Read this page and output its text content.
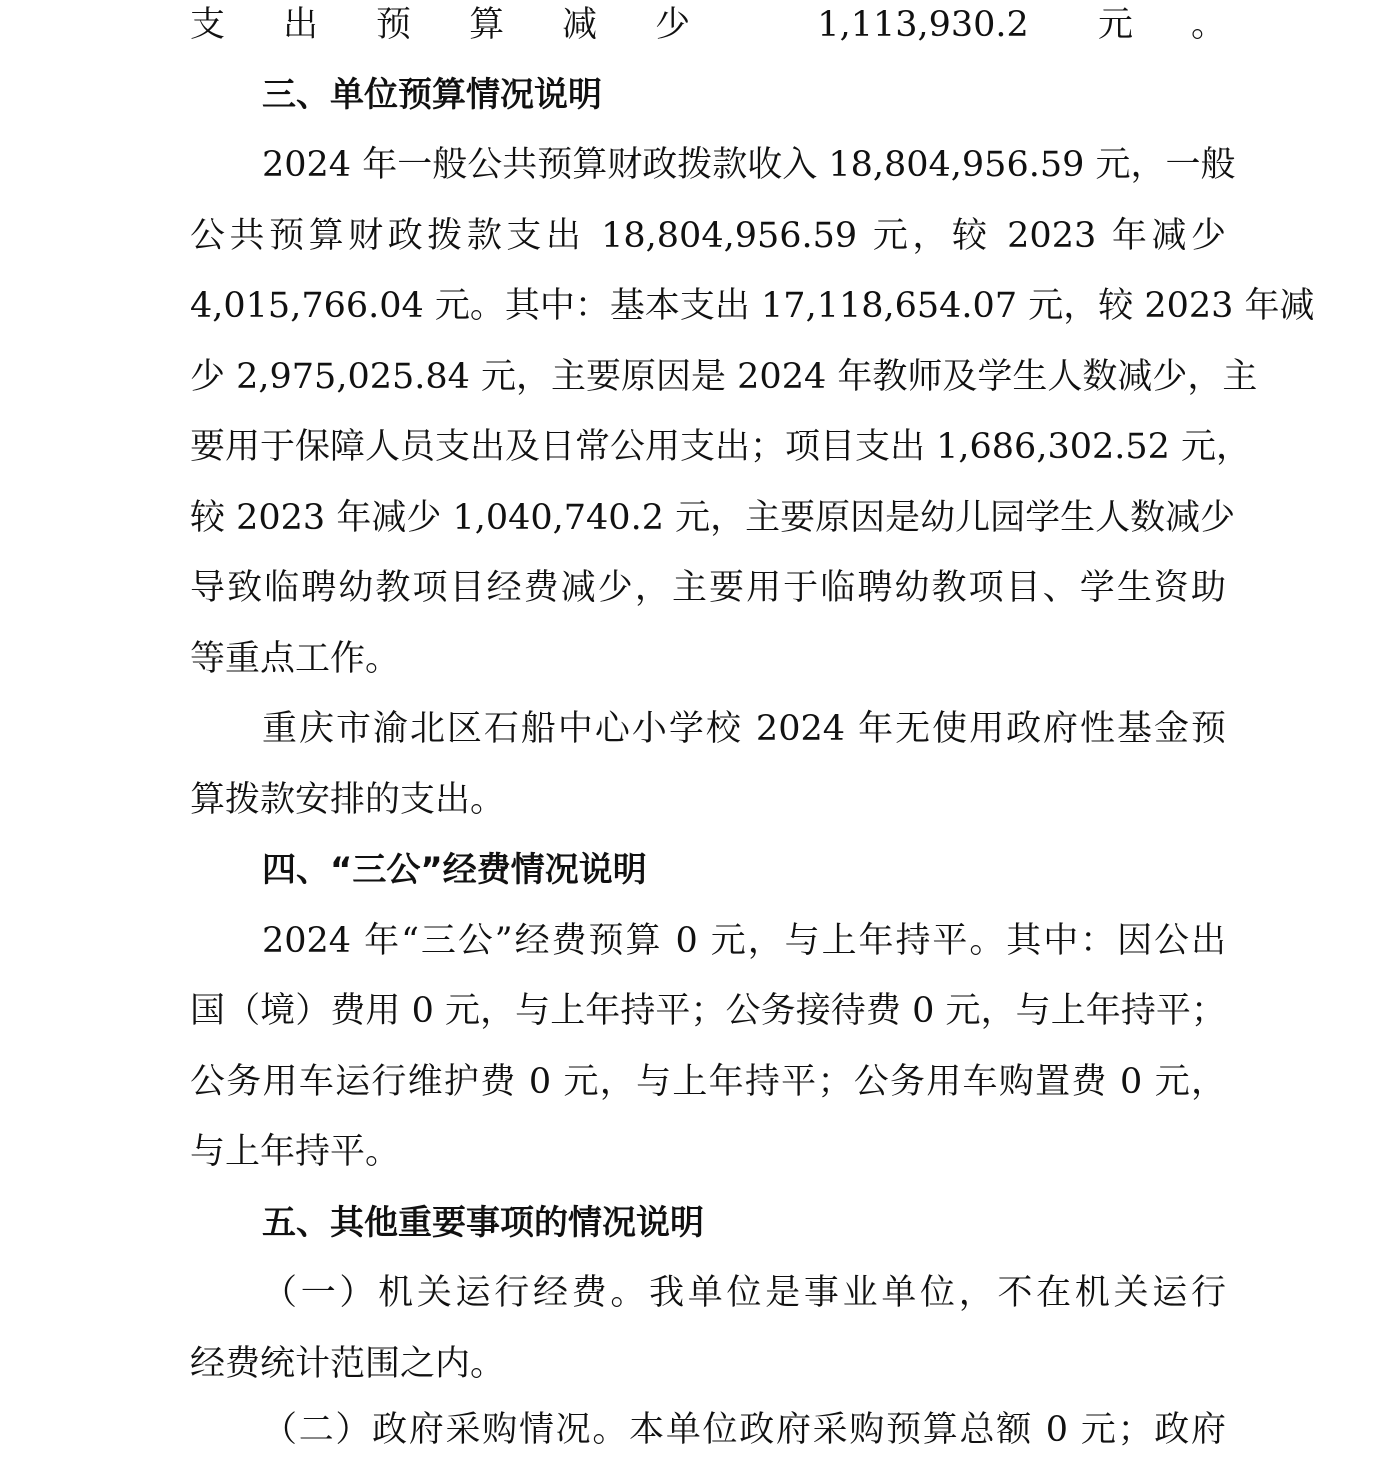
支出预算减少 1,113,930.2 元。
三、单位预算情况说明
2024 年一般公共预算财政拨款收入 18,804,956.59 元，一般
公共预算财政拨款支出 18,804,956.59 元，较 2023 年减少
4,015,766.04 元。其中：基本支出 17,118,654.07 元，较 2023 年减
少 2,975,025.84 元，主要原因是 2024 年教师及学生人数减少，主
要用于保障人员支出及日常公用支出；项目支出 1,686,302.52 元，
较 2023 年减少 1,040,740.2 元，主要原因是幼儿园学生人数减少
导致临聘幼教项目经费减少，主要用于临聘幼教项目、学生资助
等重点工作。
重庆市渝北区石船中心小学校 2024 年无使用政府性基金预
算拨款安排的支出。
四、“三公”经费情况说明
2024 年“三公”经费预算 0 元，与上年持平。其中：因公出
国（境）费用 0 元，与上年持平；公务接待费 0 元，与上年持平；
公务用车运行维护费 0 元，与上年持平；公务用车购置费 0 元，
与上年持平。
五、其他重要事项的情况说明
（一）机关运行经费。我单位是事业单位，不在机关运行
经费统计范围之内。
（二）政府采购情况。本单位政府采购预算总额 0 元；政府
